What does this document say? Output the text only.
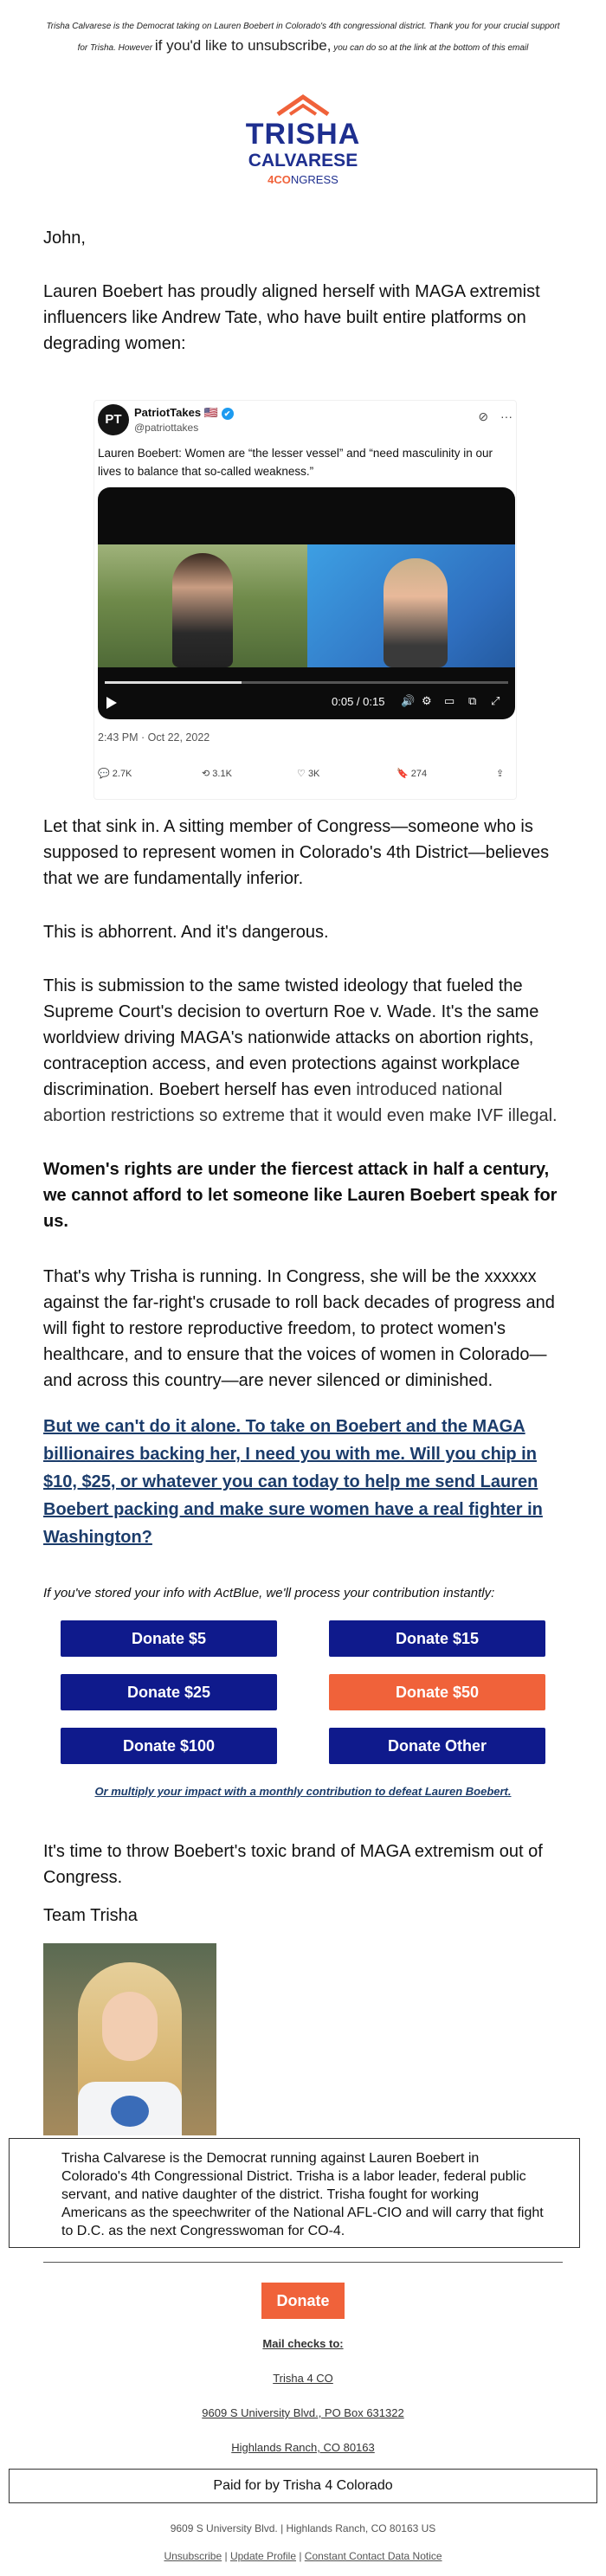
Trisha Calvarese is the Democrat taking on Lauren Boebert in Colorado's 4th congressional district. Thank you for your crucial support for Trisha. However if you'd like to unsubscribe, you can do so at the link at the bottom of this email
TRISHA
CALVARESE
4CONGRESS
John,
Lauren Boebert has proudly aligned herself with MAGA extremist influencers like Andrew Tate, who have built entire platforms on degrading women:
PT	PatriotTakes 🇺🇸 ✔
@patriottakes
⊘ ···
Lauren Boebert: Women are “the lesser vessel” and “need masculinity in our lives to balance that so-called weakness.”
0:05 / 0:15 🔊 ⚙ ▭ ⧉ ⤢
2:43 PM · Oct 22, 2022
💬 2.7K	⟲ 3.1K	♡ 3K	🔖 274	⇪
Let that sink in. A sitting member of Congress—someone who is supposed to represent women in Colorado's 4th District—believes that we are fundamentally inferior.
This is abhorrent. And it's dangerous.
This is submission to the same twisted ideology that fueled the Supreme Court's decision to overturn Roe v. Wade. It's the same worldview driving MAGA's nationwide attacks on abortion rights, contraception access, and even protections against workplace discrimination. Boebert herself has even introduced national abortion restrictions so extreme that it would even make IVF illegal.
Women's rights are under the fiercest attack in half a century, we cannot afford to let someone like Lauren Boebert speak for us.
That's why Trisha is running. In Congress, she will be the xxxxxx against the far-right's crusade to roll back decades of progress and will fight to restore reproductive freedom, to protect women's healthcare, and to ensure that the voices of women in Colorado—and across this country—are never silenced or diminished.
But we can't do it alone. To take on Boebert and the MAGA billionaires backing her, I need you with me. Will you chip in $10, $25, or whatever you can today to help me send Lauren Boebert packing and make sure women have a real fighter in Washington?
If you've stored your info with ActBlue, we'll process your contribution instantly:
Donate $5	Donate $15
Donate $25	Donate $50
Donate $100	Donate Other
Or multiply your impact with a monthly contribution to defeat Lauren Boebert.
It's time to throw Boebert's toxic brand of MAGA extremism out of Congress.
Team Trisha
Trisha Calvarese is the Democrat running against Lauren Boebert in Colorado's 4th Congressional District. Trisha is a labor leader, federal public servant, and native daughter of the district. Trisha fought for working Americans as the speechwriter of the National AFL-CIO and will carry that fight to D.C. as the next Congresswoman for CO-4.
Donate
Mail checks to:
Trisha 4 CO
9609 S University Blvd., PO Box 631322
Highlands Ranch, CO 80163
Paid for by Trisha 4 Colorado
9609 S University Blvd. | Highlands Ranch, CO 80163 US
Unsubscribe | Update Profile | Constant Contact Data Notice
